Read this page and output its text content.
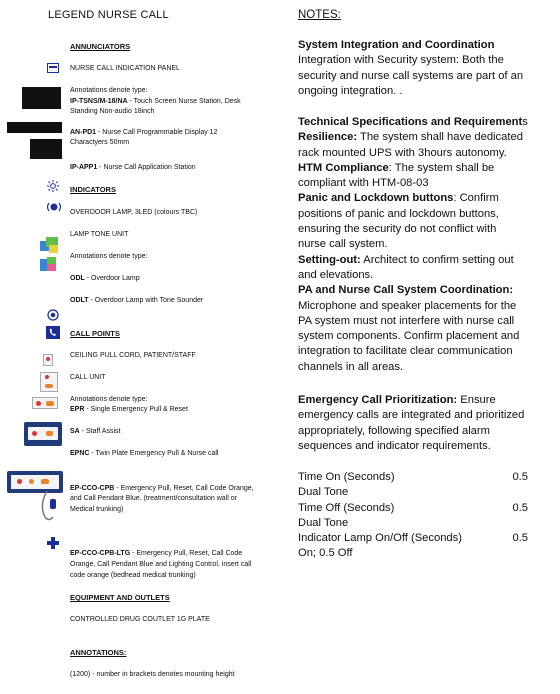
LEGEND NURSE CALL
ANNUNCIATORS
NURSE CALL INDICATION PANEL
Annotations denote type:
IP-TSNS/M-18/NA - Touch Screen Nurse Station, Desk
Standing Non-audio 18inch
AN-PD1 - Nurse Call Programmable Display 12
Charactyers 50mm
IP-APP1 - Nurse Call Application Station
INDICATORS
OVERDOOR LAMP, 3LED (colours TBC)
LAMP TONE UNIT
Annotations denote type:
ODL - Overdoor Lamp
ODLT - Overdoor Lamp with Tone Sounder
CALL POINTS
CEILING PULL CORD, PATIENT/STAFF
CALL UNIT
Annotations denote type:
EPR - Single Emergency Pull & Reset
SA - Staff Assist
EPNC - Twin Plate Emergency Pull & Nurse call
EP-CCO-CPB - Emergency Pull, Reset, Call Code Orange,
and Call Pendant Blue. (treatment/consultation wall or
Medical trunking)
EP-CCO-CPB-LTG - Emergency Pull, Reset, Call Code
Orange, Call Pendant Blue and Lighting Control, insert call
code orange (bedhead medical trunking)
EQUIPMENT AND OUTLETS
CONTROLLED DRUG COUTLET 1G PLATE
ANNOTATIONS:
(1200) - number in brackets denotes mounting height
NOTES:
System Integration and Coordination
Integration with Security system: Both the
security and nurse call systems are part of an
ongoing integration. .
Technical Specifications and Requirements
Resilience: The system shall have dedicated
rack mounted UPS with 3hours autonomy.
HTM Compliance: The system shall be
compliant with HTM-08-03
Panic and Lockdown buttons: Confirm
positions of panic and lockdown buttons,
ensuring the security do not conflict with
nurse call system.
Setting-out: Architect to confirm setting out
and elevations.
PA and Nurse Call System Coordination:
Microphone and speaker placements for the
PA system must not interfere with nurse call
system components. Confirm placement and
integration to facilitate clear communication
channels in all areas.
Emergency Call Prioritization: Ensure
emergency calls are integrated and prioritized
appropriately, following specified alarm
sequences and indicator requirements.
Time On (Seconds)	0.5
Dual Tone
Time Off (Seconds)	0.5
Dual Tone
Indicator Lamp On/Off (Seconds)	0.5
On; 0.5 Off
